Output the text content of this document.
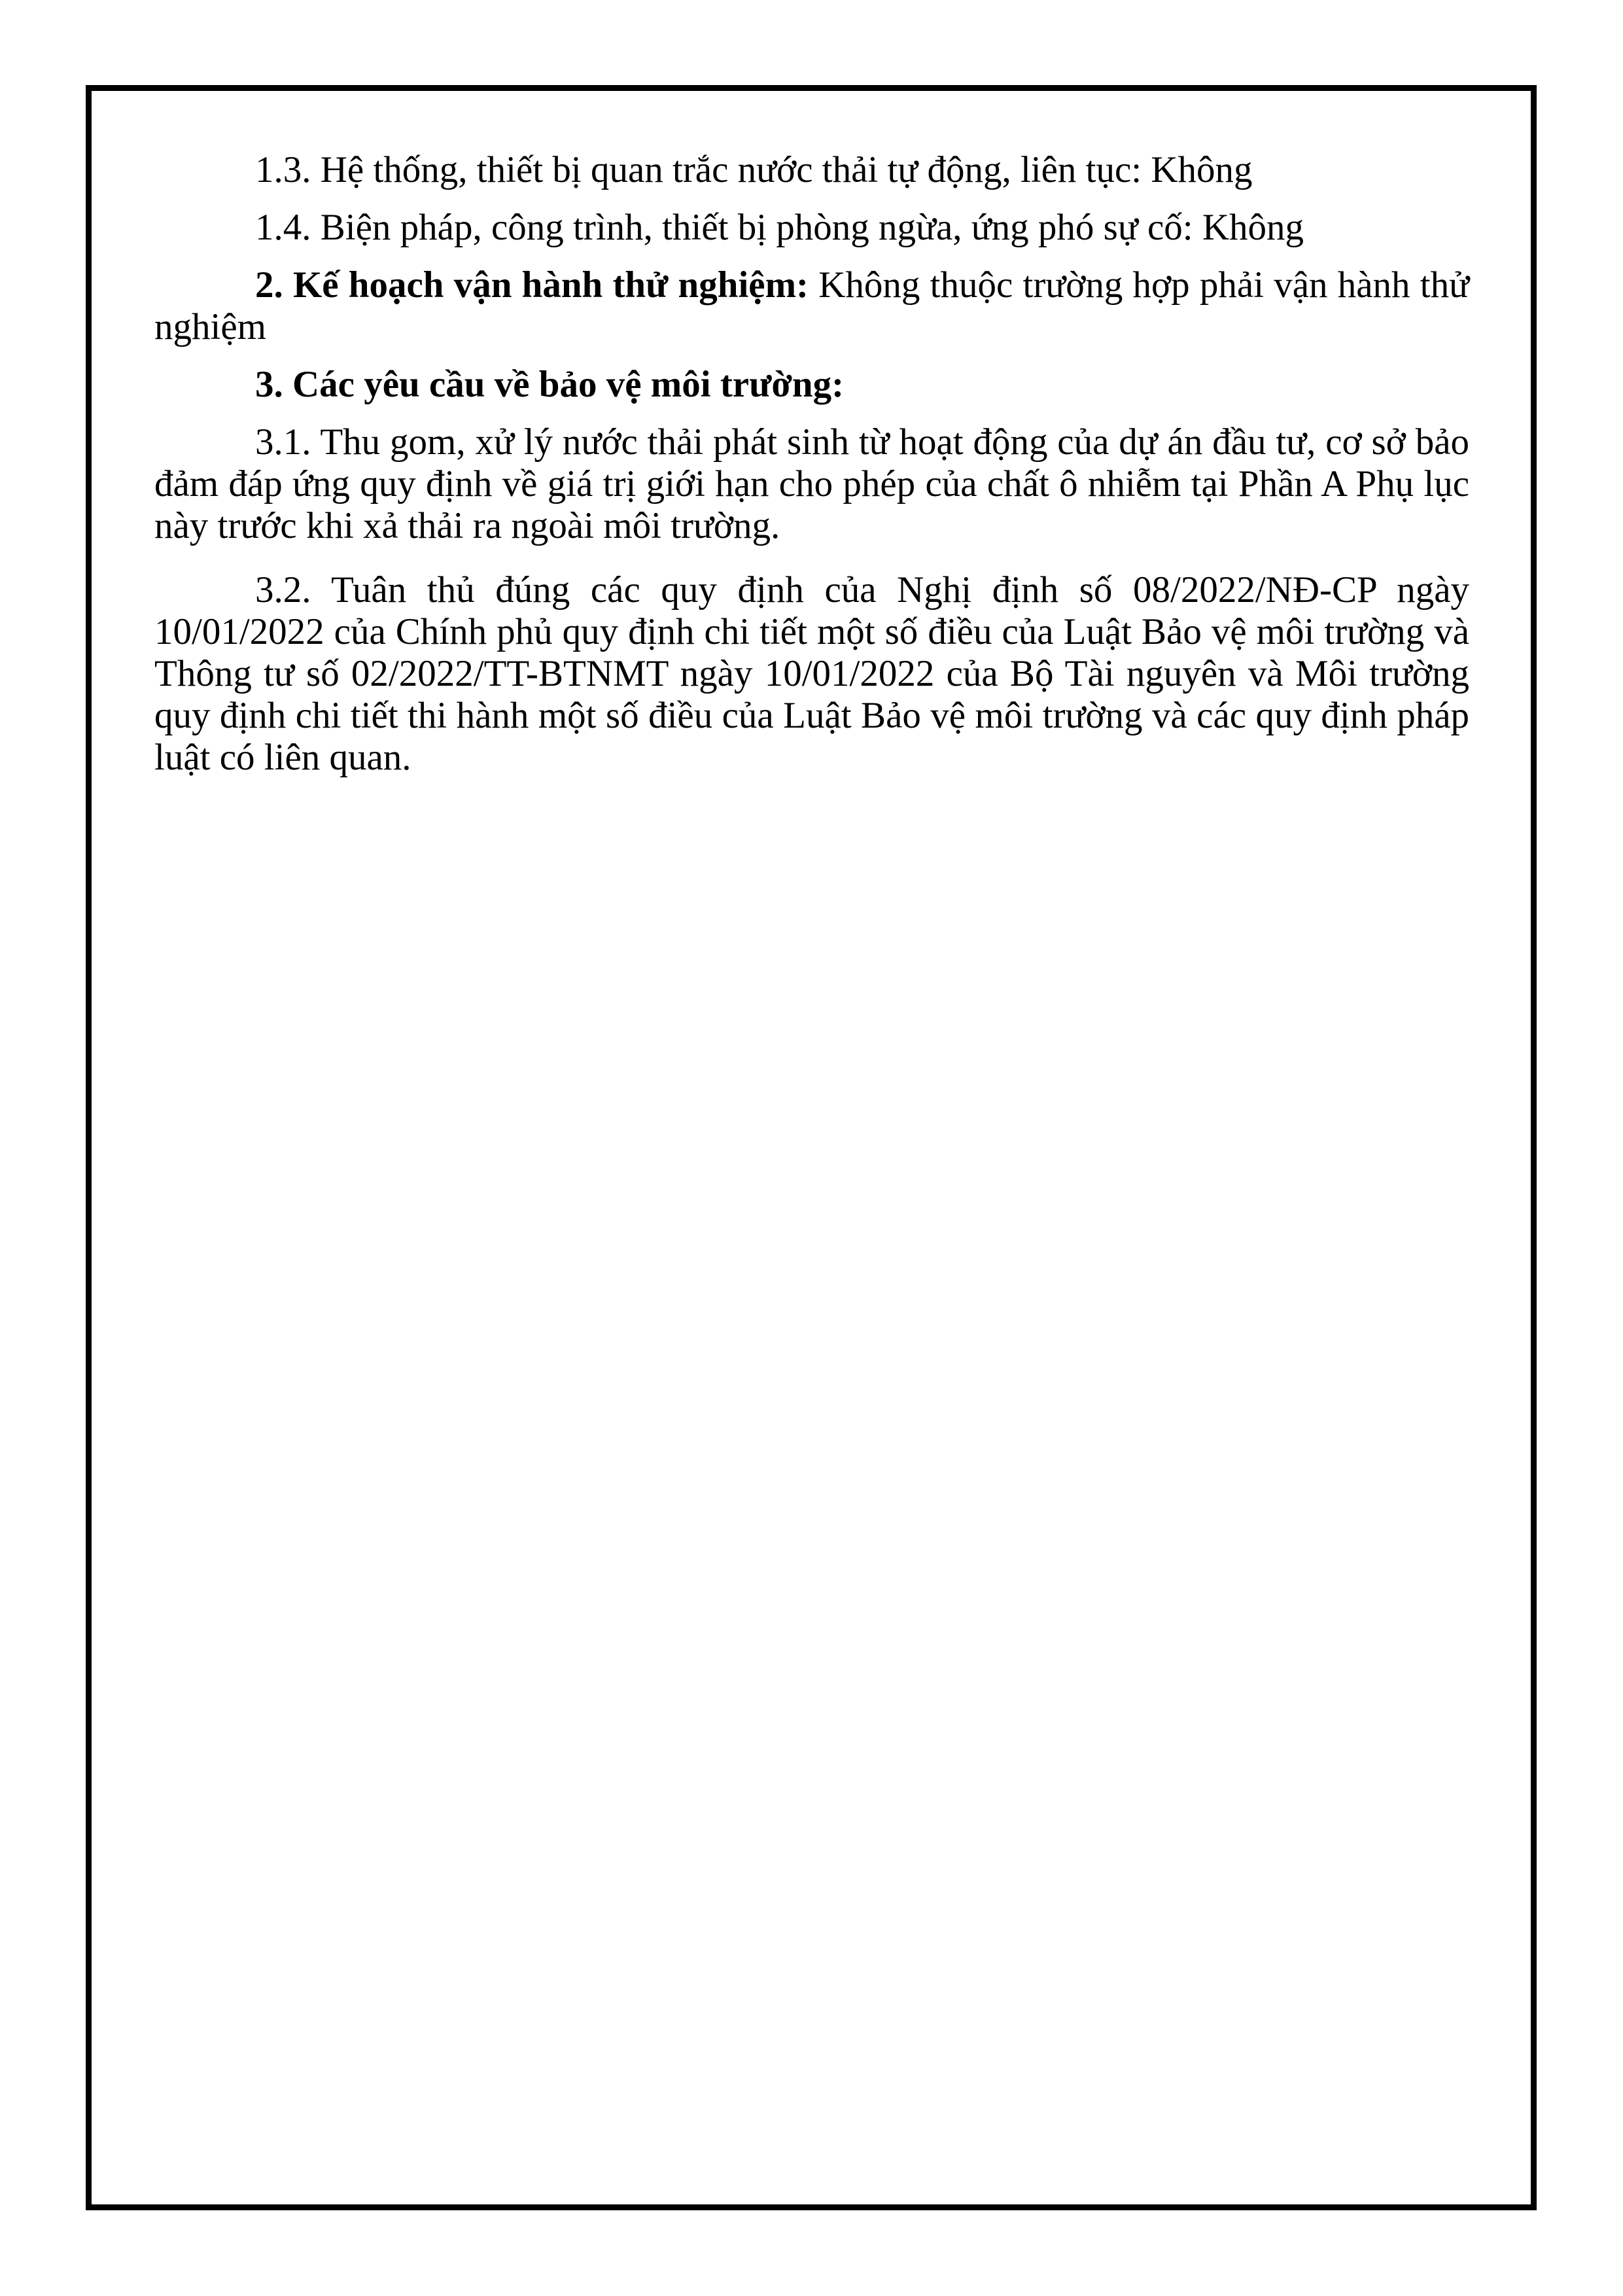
1.3. Hệ thống, thiết bị quan trắc nước thải tự động, liên tục: Không

1.4. Biện pháp, công trình, thiết bị phòng ngừa, ứng phó sự cố: Không

2. Kế hoạch vận hành thử nghiệm: Không thuộc trường hợp phải vận hành thử nghiệm

3. Các yêu cầu về bảo vệ môi trường:

3.1. Thu gom, xử lý nước thải phát sinh từ hoạt động của dự án đầu tư, cơ sở bảo đảm đáp ứng quy định về giá trị giới hạn cho phép của chất ô nhiễm tại Phần A Phụ lục này trước khi xả thải ra ngoài môi trường.

3.2. Tuân thủ đúng các quy định của Nghị định số 08/2022/NĐ-CP ngày 10/01/2022 của Chính phủ quy định chi tiết một số điều của Luật Bảo vệ môi trường và Thông tư số 02/2022/TT-BTNMT ngày 10/01/2022 của Bộ Tài nguyên và Môi trường quy định chi tiết thi hành một số điều của Luật Bảo vệ môi trường và các quy định pháp luật có liên quan.
